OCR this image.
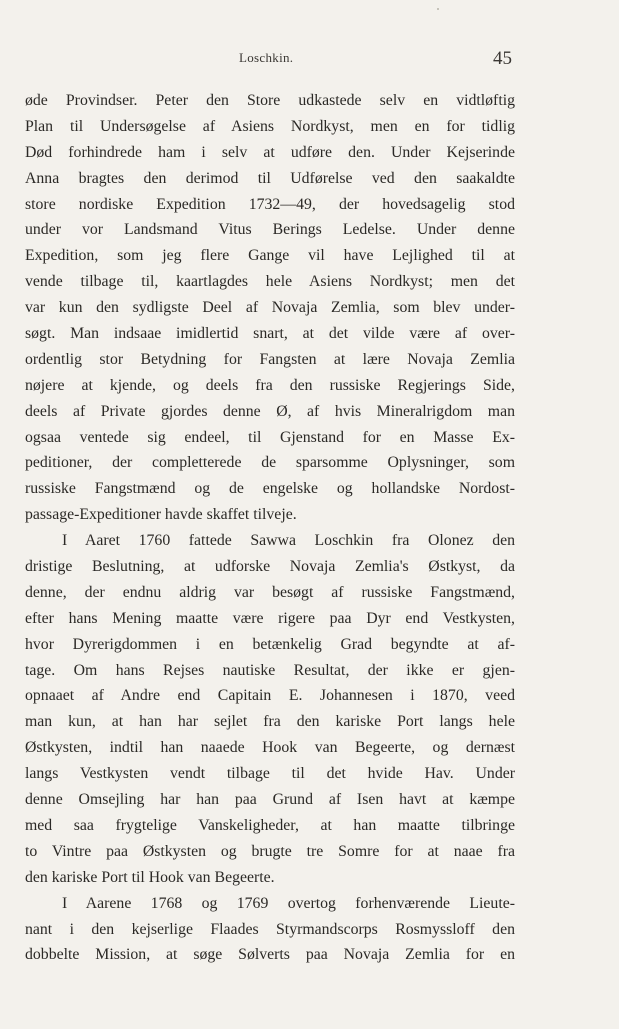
Loschkin.	45
øde Provindser. Peter den Store udkastede selv en vidtløftig
Plan til Undersøgelse af Asiens Nordkyst, men en for tidlig
Død forhindrede ham i selv at udføre den. Under Kejserinde
Anna bragtes den derimod til Udførelse ved den saakaldte
store nordiske Expedition 1732—49, der hovedsagelig stod
under vor Landsmand Vitus Berings Ledelse. Under denne
Expedition, som jeg flere Gange vil have Lejlighed til at
vende tilbage til, kaartlagdes hele Asiens Nordkyst; men det
var kun den sydligste Deel af Novaja Zemlia, som blev under-
søgt. Man indsaae imidlertid snart, at det vilde være af over-
ordentlig stor Betydning for Fangsten at lære Novaja Zemlia
nøjere at kjende, og deels fra den russiske Regjerings Side,
deels af Private gjordes denne Ø, af hvis Mineralrigdom man
ogsaa ventede sig endeel, til Gjenstand for en Masse Ex-
peditioner, der completterede de sparsomme Oplysninger, som
russiske Fangstmænd og de engelske og hollandske Nordost-
passage-Expeditioner havde skaffet tilveje.
I Aaret 1760 fattede Sawwa Loschkin fra Olonez den
dristige Beslutning, at udforske Novaja Zemlia's Østkyst, da
denne, der endnu aldrig var besøgt af russiske Fangstmænd,
efter hans Mening maatte være rigere paa Dyr end Vestkysten,
hvor Dyrerigdommen i en betænkelig Grad begyndte at af-
tage. Om hans Rejses nautiske Resultat, der ikke er gjen-
opnaaet af Andre end Capitain E. Johannesen i 1870, veed
man kun, at han har sejlet fra den kariske Port langs hele
Østkysten, indtil han naaede Hook van Begeerte, og dernæst
langs Vestkysten vendt tilbage til det hvide Hav. Under
denne Omsejling har han paa Grund af Isen havt at kæmpe
med saa frygtelige Vanskeligheder, at han maatte tilbringe
to Vintre paa Østkysten og brugte tre Somre for at naae fra
den kariske Port til Hook van Begeerte.
I Aarene 1768 og 1769 overtog forhenværende Lieute-
nant i den kejserlige Flaades Styrmandscorps Rosmyssloff den
dobbelte Mission, at søge Sølverts paa Novaja Zemlia for en
